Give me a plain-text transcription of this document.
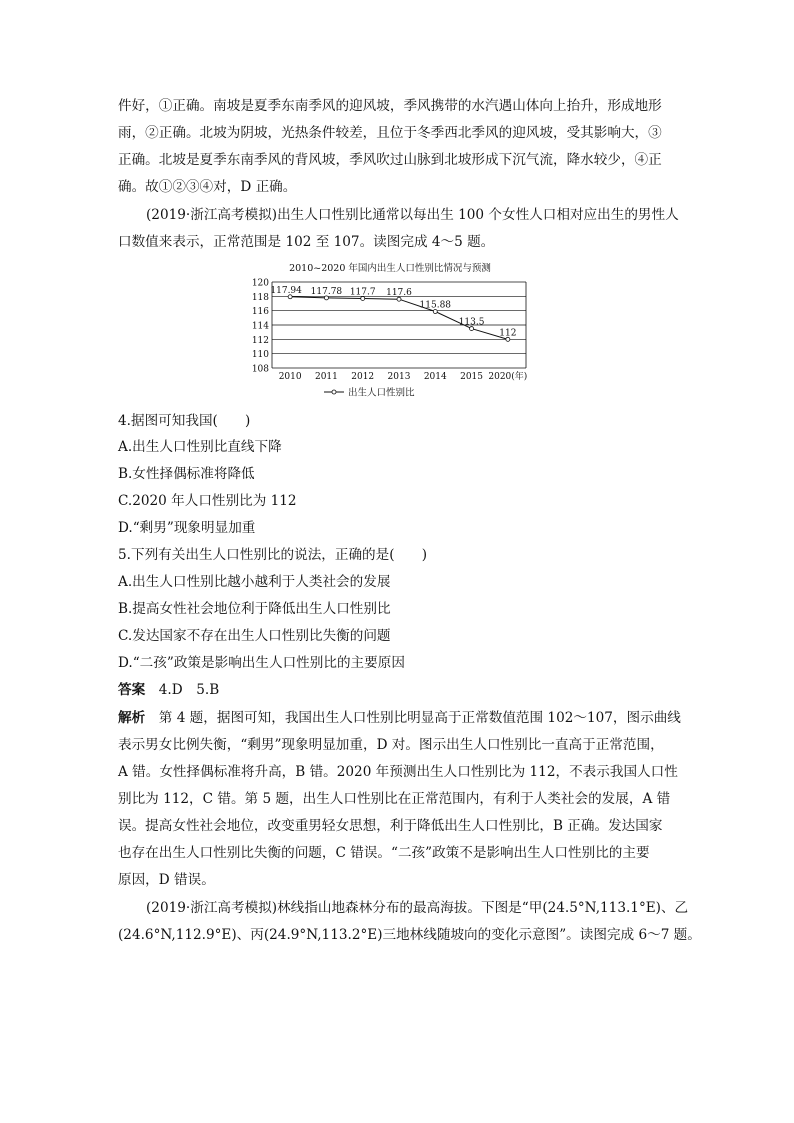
件好，①正确。南坡是夏季东南季风的迎风坡，季风携带的水汽遇山体向上抬升，形成地形
雨，②正确。北坡为阴坡，光热条件较差，且位于冬季西北季风的迎风坡，受其影响大，③
正确。北坡是夏季东南季风的背风坡，季风吹过山脉到北坡形成下沉气流，降水较少，④正
确。故①②③④对，D 正确。
(2019·浙江高考模拟)出生人口性别比通常以每出生 100 个女性人口相对应出生的男性人
口数值来表示，正常范围是 102 至 107。读图完成 4～5 题。
2010~2020 年国内出生人口性别比情况与预测
120
118
116
114
112
110
108
2010 2011 2012 2013 2014 2015 2020(年)
117.94 117.78 117.7 117.6
115.88
113.5
112
出生人口性别比
4.据图可知我国(　　)
A.出生人口性别比直线下降
B.女性择偶标准将降低
C.2020 年人口性别比为 112
D.“剩男”现象明显加重
5.下列有关出生人口性别比的说法，正确的是(　　)
A.出生人口性别比越小越利于人类社会的发展
B.提高女性社会地位利于降低出生人口性别比
C.发达国家不存在出生人口性别比失衡的问题
D.“二孩”政策是影响出生人口性别比的主要原因
答案　 4.D　5.B
解析　 第 4 题，据图可知，我国出生人口性别比明显高于正常数值范围 102～107，图示曲线
表示男女比例失衡，“剩男”现象明显加重，D 对。图示出生人口性别比一直高于正常范围，
A 错。女性择偶标准将升高，B 错。2020 年预测出生人口性别比为 112，不表示我国人口性
别比为 112，C 错。第 5 题，出生人口性别比在正常范围内，有利于人类社会的发展，A 错
误。提高女性社会地位，改变重男轻女思想，利于降低出生人口性别比，B 正确。发达国家
也存在出生人口性别比失衡的问题，C 错误。“二孩”政策不是影响出生人口性别比的主要
原因，D 错误。
(2019·浙江高考模拟)林线指山地森林分布的最高海拔。下图是“甲(24.5°N,113.1°E)、乙
(24.6°N,112.9°E)、丙(24.9°N,113.2°E)三地林线随坡向的变化示意图”。读图完成 6～7 题。
